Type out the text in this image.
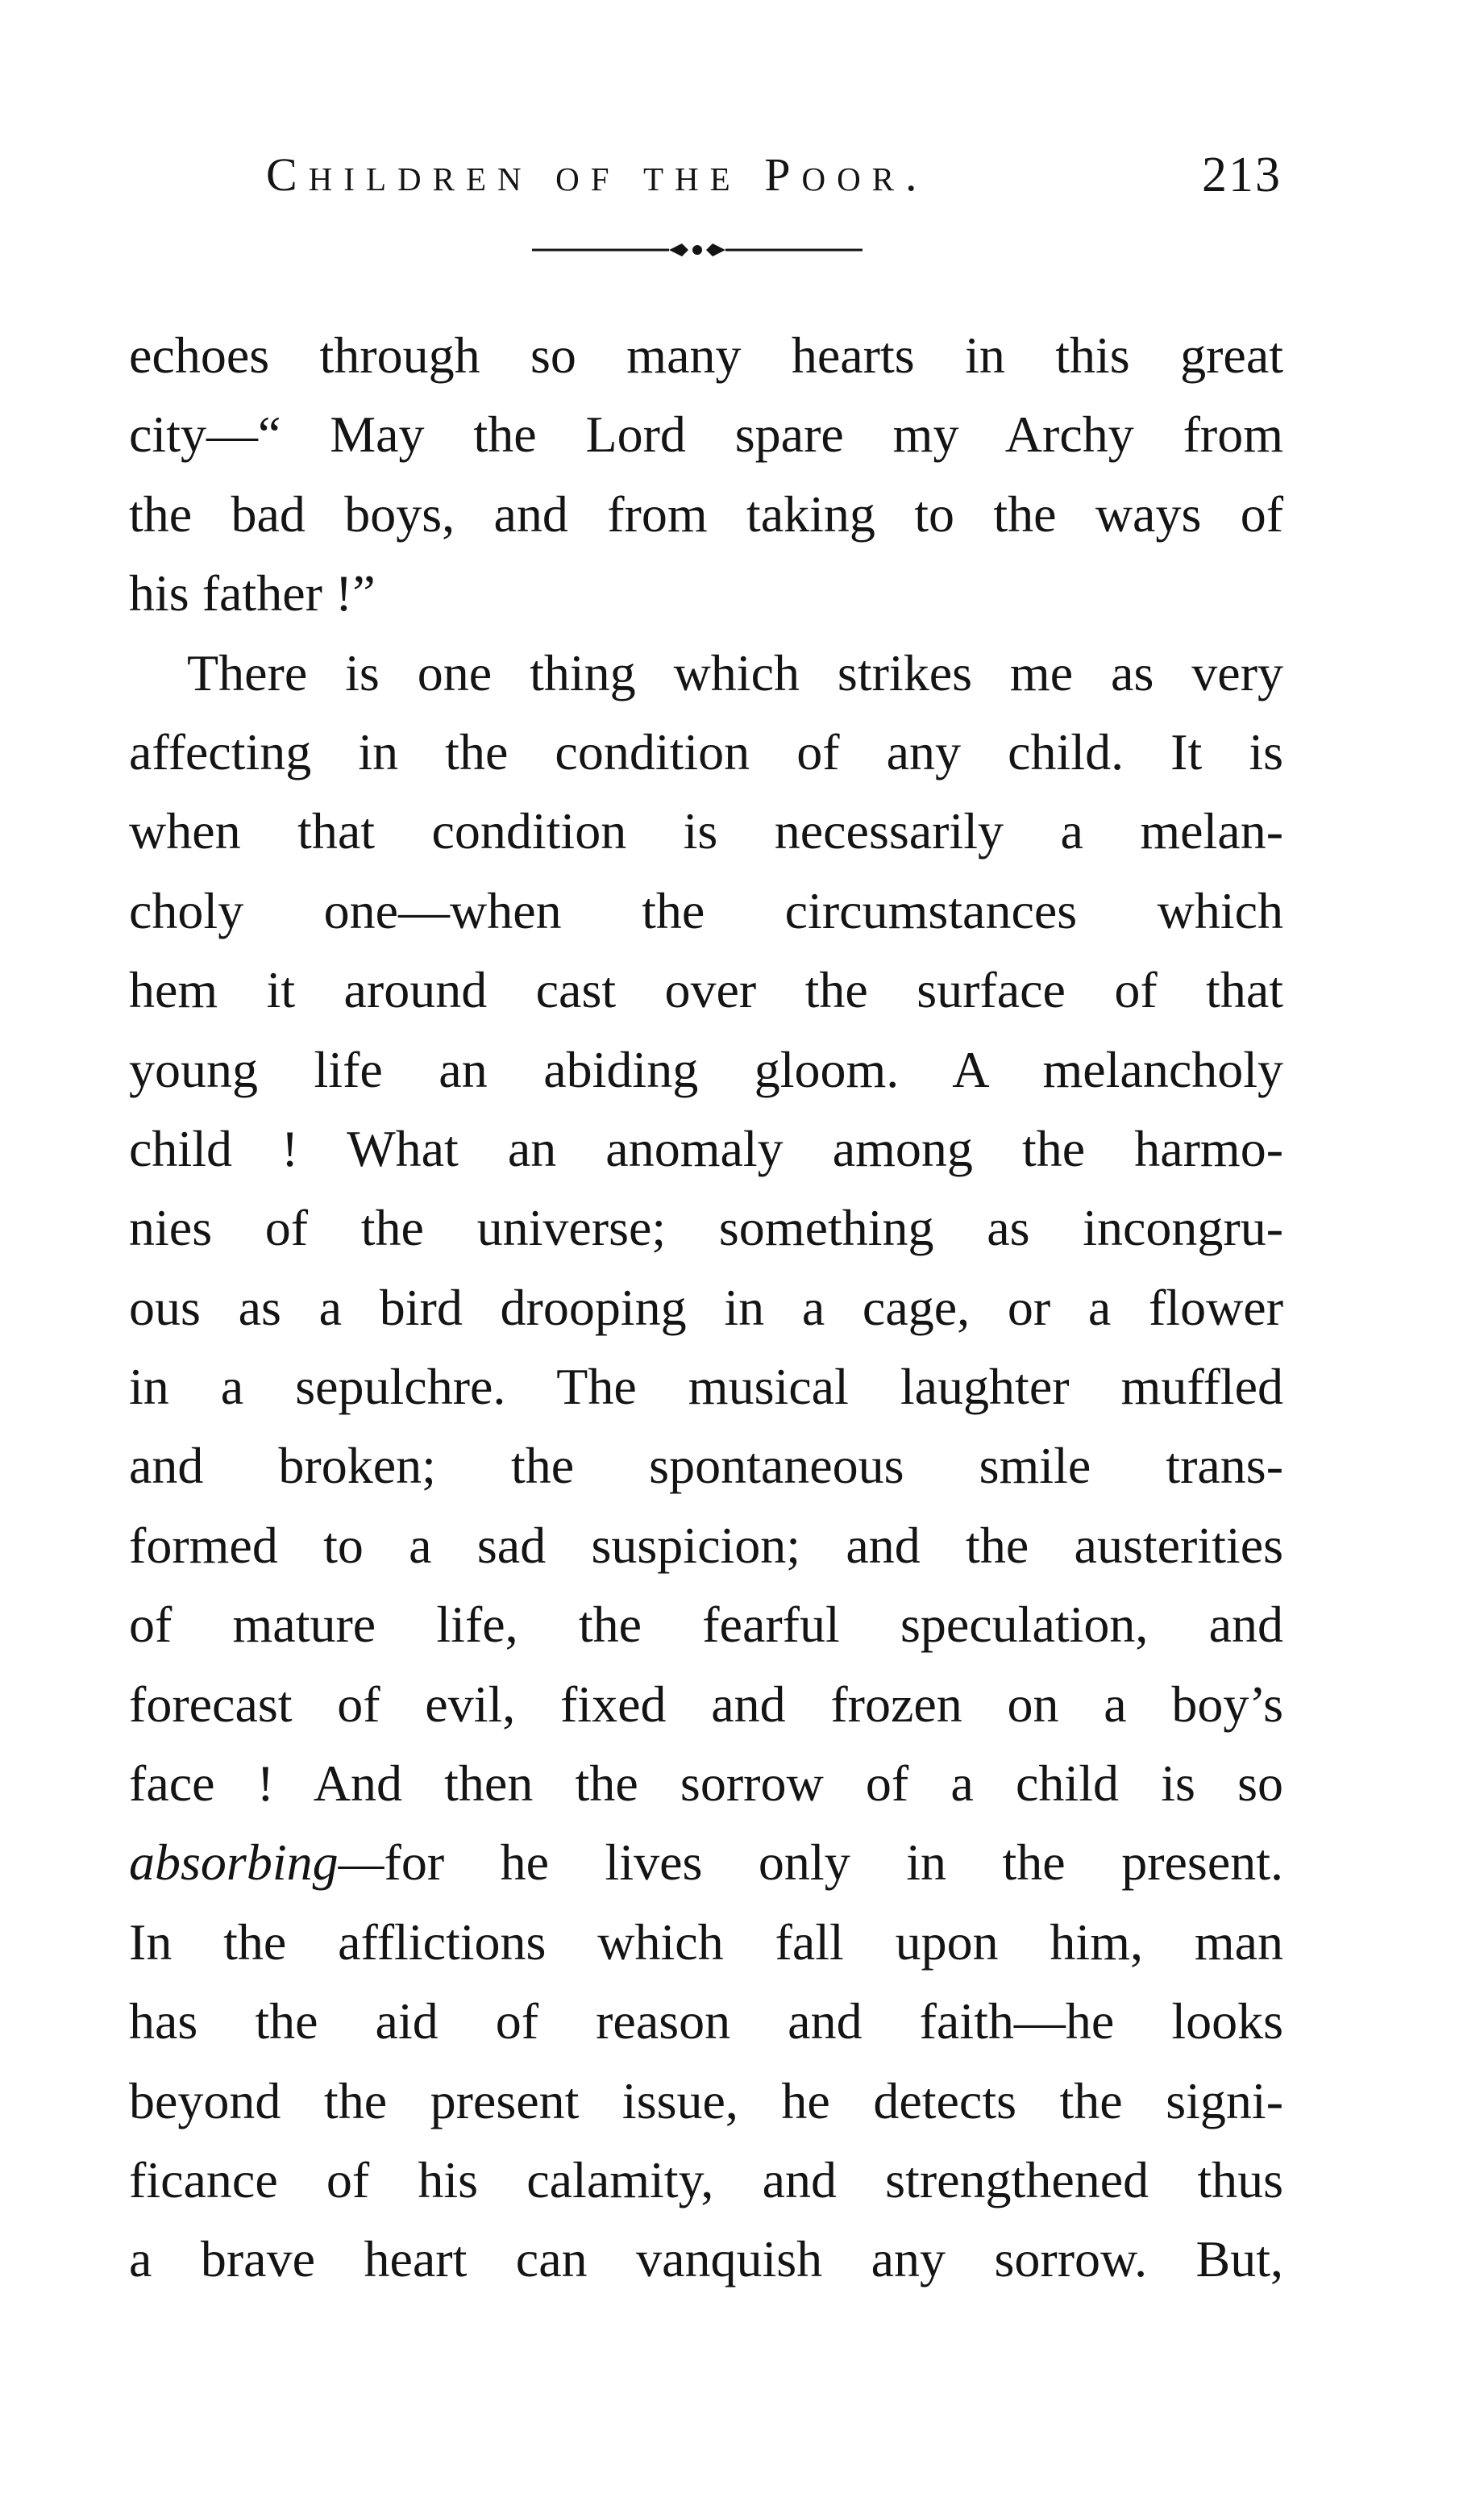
Children of the Poor.	213
echoes through so many hearts in this great
city—“ May the Lord spare my Archy from
the bad boys, and from taking to the ways of
his father !”
There is one thing which strikes me as very
affecting in the condition of any child. It is
when that condition is necessarily a melan-
choly one—when the circumstances which
hem it around cast over the surface of that
young life an abiding gloom. A melancholy
child ! What an anomaly among the harmo-
nies of the universe; something as incongru-
ous as a bird drooping in a cage, or a flower
in a sepulchre. The musical laughter muffled
and broken; the spontaneous smile trans-
formed to a sad suspicion; and the austerities
of mature life, the fearful speculation, and
forecast of evil, fixed and frozen on a boy’s
face ! And then the sorrow of a child is so
absorbing—for he lives only in the present.
In the afflictions which fall upon him, man
has the aid of reason and faith—he looks
beyond the present issue, he detects the signi-
ficance of his calamity, and strengthened thus
a brave heart can vanquish any sorrow. But,
